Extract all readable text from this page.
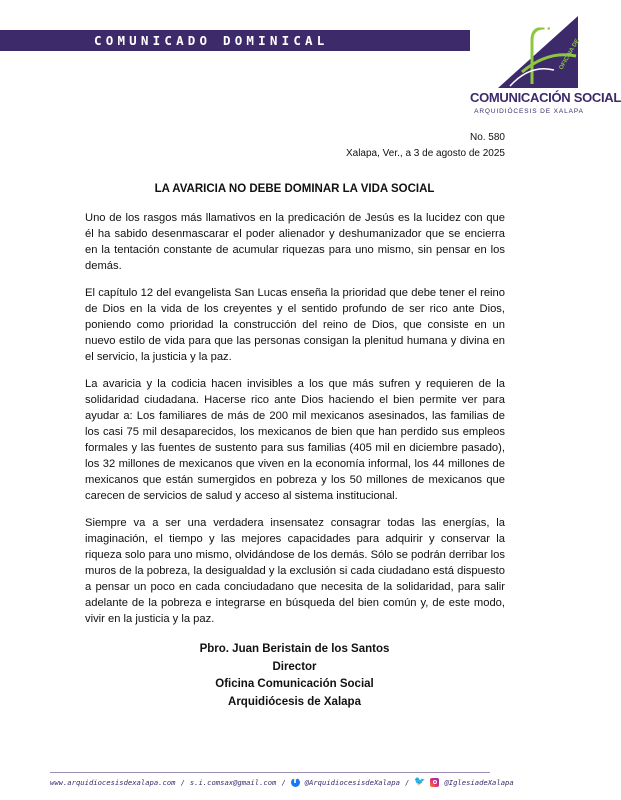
COMUNICADO DOMINICAL	OFICINA DE
COMUNICACIÓN SOCIAL
ARQUIDIÓCESIS DE XALAPA
No. 580
Xalapa, Ver., a 3 de agosto de 2025
LA AVARICIA NO DEBE DOMINAR LA VIDA SOCIAL

Uno de los rasgos más llamativos en la predicación de Jesús es la lucidez con que él ha sabido desenmascarar el poder alienador y deshumanizador que se encierra en la tentación constante de acumular riquezas para uno mismo, sin pensar en los demás.

El capítulo 12 del evangelista San Lucas enseña la prioridad que debe tener el reino de Dios en la vida de los creyentes y el sentido profundo de ser rico ante Dios, poniendo como prioridad la construcción del reino de Dios, que consiste en un nuevo estilo de vida para que las personas consigan la plenitud humana y divina en el servicio, la justicia y la paz.

La avaricia y la codicia hacen invisibles a los que más sufren y requieren de la solidaridad ciudadana. Hacerse rico ante Dios haciendo el bien permite ver para ayudar a: Los familiares de más de 200 mil mexicanos asesinados, las familias de los casi 75 mil desaparecidos, los mexicanos de bien que han perdido sus empleos formales y las fuentes de sustento para sus familias (405 mil en diciembre pasado), los 32 millones de mexicanos que viven en la economía informal, los 44 millones de mexicanos que están sumergidos en pobreza y los 50 millones de mexicanos que carecen de servicios de salud y acceso al sistema institucional.

Siempre va a ser una verdadera insensatez consagrar todas las energías, la imaginación, el tiempo y las mejores capacidades para adquirir y conservar la riqueza solo para uno mismo, olvidándose de los demás. Sólo se podrán derribar los muros de la pobreza, la desigualdad y la exclusión si cada ciudadano está dispuesto a pensar un poco en cada conciudadano que necesita de la solidaridad, para salir adelante de la pobreza e integrarse en búsqueda del bien común y, de este modo, vivir en la justicia y la paz.

Pbro. Juan Beristain de los Santos
Director
Oficina Comunicación Social
Arquidiócesis de Xalapa
www.arquidiocesisdexalapa.com / s.i.comsax@gmail.com /
f	@ArquidiocesisdeXalapa / 🐦	@IglesiadeXalapa
